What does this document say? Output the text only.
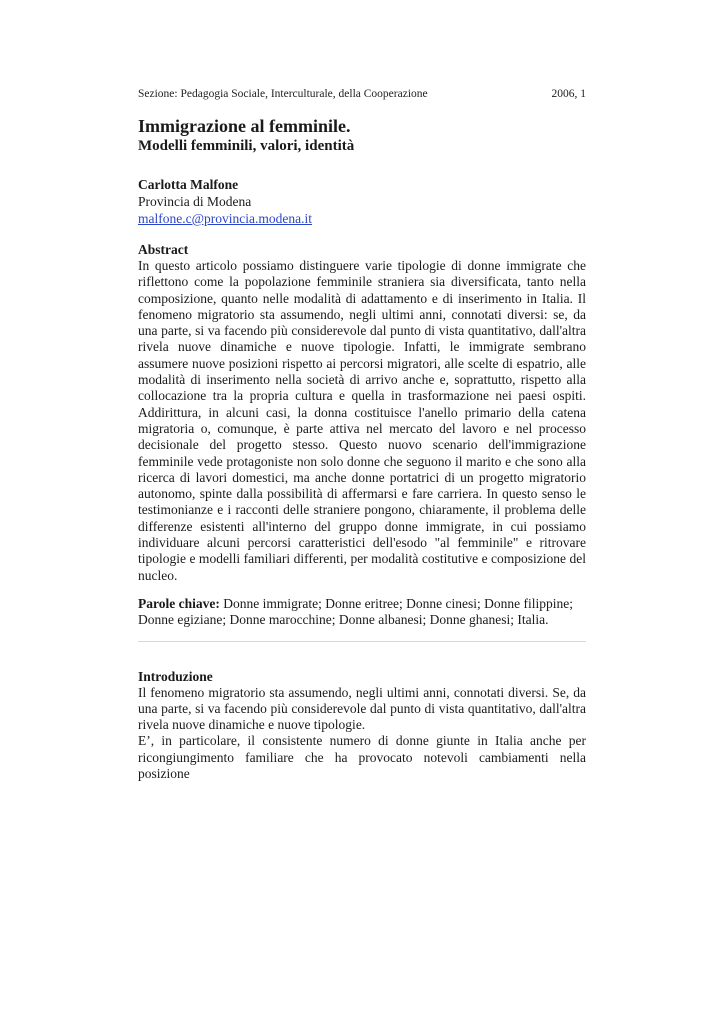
Sezione: Pedagogia Sociale, Interculturale, della Cooperazione	2006, 1
Immigrazione al femminile.
Modelli femminili, valori, identità
Carlotta Malfone
Provincia di Modena
malfone.c@provincia.modena.it
Abstract

In questo articolo possiamo distinguere varie tipologie di donne immigrate che riflettono come la popolazione femminile straniera sia diversificata, tanto nella composizione, quanto nelle modalità di adattamento e di inserimento in Italia. Il fenomeno migratorio sta assumendo, negli ultimi anni, connotati diversi: se, da una parte, si va facendo più considerevole dal punto di vista quantitativo, dall'altra rivela nuove dinamiche e nuove tipologie. Infatti, le immigrate sembrano assumere nuove posizioni rispetto ai percorsi migratori, alle scelte di espatrio, alle modalità di inserimento nella società di arrivo anche e, soprattutto, rispetto alla collocazione tra la propria cultura e quella in trasformazione nei paesi ospiti. Addirittura, in alcuni casi, la donna costituisce l'anello primario della catena migratoria o, comunque, è parte attiva nel mercato del lavoro e nel processo decisionale del progetto stesso. Questo nuovo scenario dell'immigrazione femminile vede protagoniste non solo donne che seguono il marito e che sono alla ricerca di lavori domestici, ma anche donne portatrici di un progetto migratorio autonomo, spinte dalla possibilità di affermarsi e fare carriera. In questo senso le testimonianze e i racconti delle straniere pongono, chiaramente, il problema delle differenze esistenti all'interno del gruppo donne immigrate, in cui possiamo individuare alcuni percorsi caratteristici dell'esodo "al femminile" e ritrovare tipologie e modelli familiari differenti, per modalità costitutive e composizione del nucleo.

Parole chiave: Donne immigrate; Donne eritree; Donne cinesi; Donne filippine; Donne egiziane; Donne marocchine; Donne albanesi; Donne ghanesi; Italia.
Introduzione

Il fenomeno migratorio sta assumendo, negli ultimi anni, connotati diversi. Se, da una parte, si va facendo più considerevole dal punto di vista quantitativo, dall'altra rivela nuove dinamiche e nuove tipologie.

E’, in particolare, il consistente numero di donne giunte in Italia anche per ricongiungimento familiare che ha provocato notevoli cambiamenti nella posizione
